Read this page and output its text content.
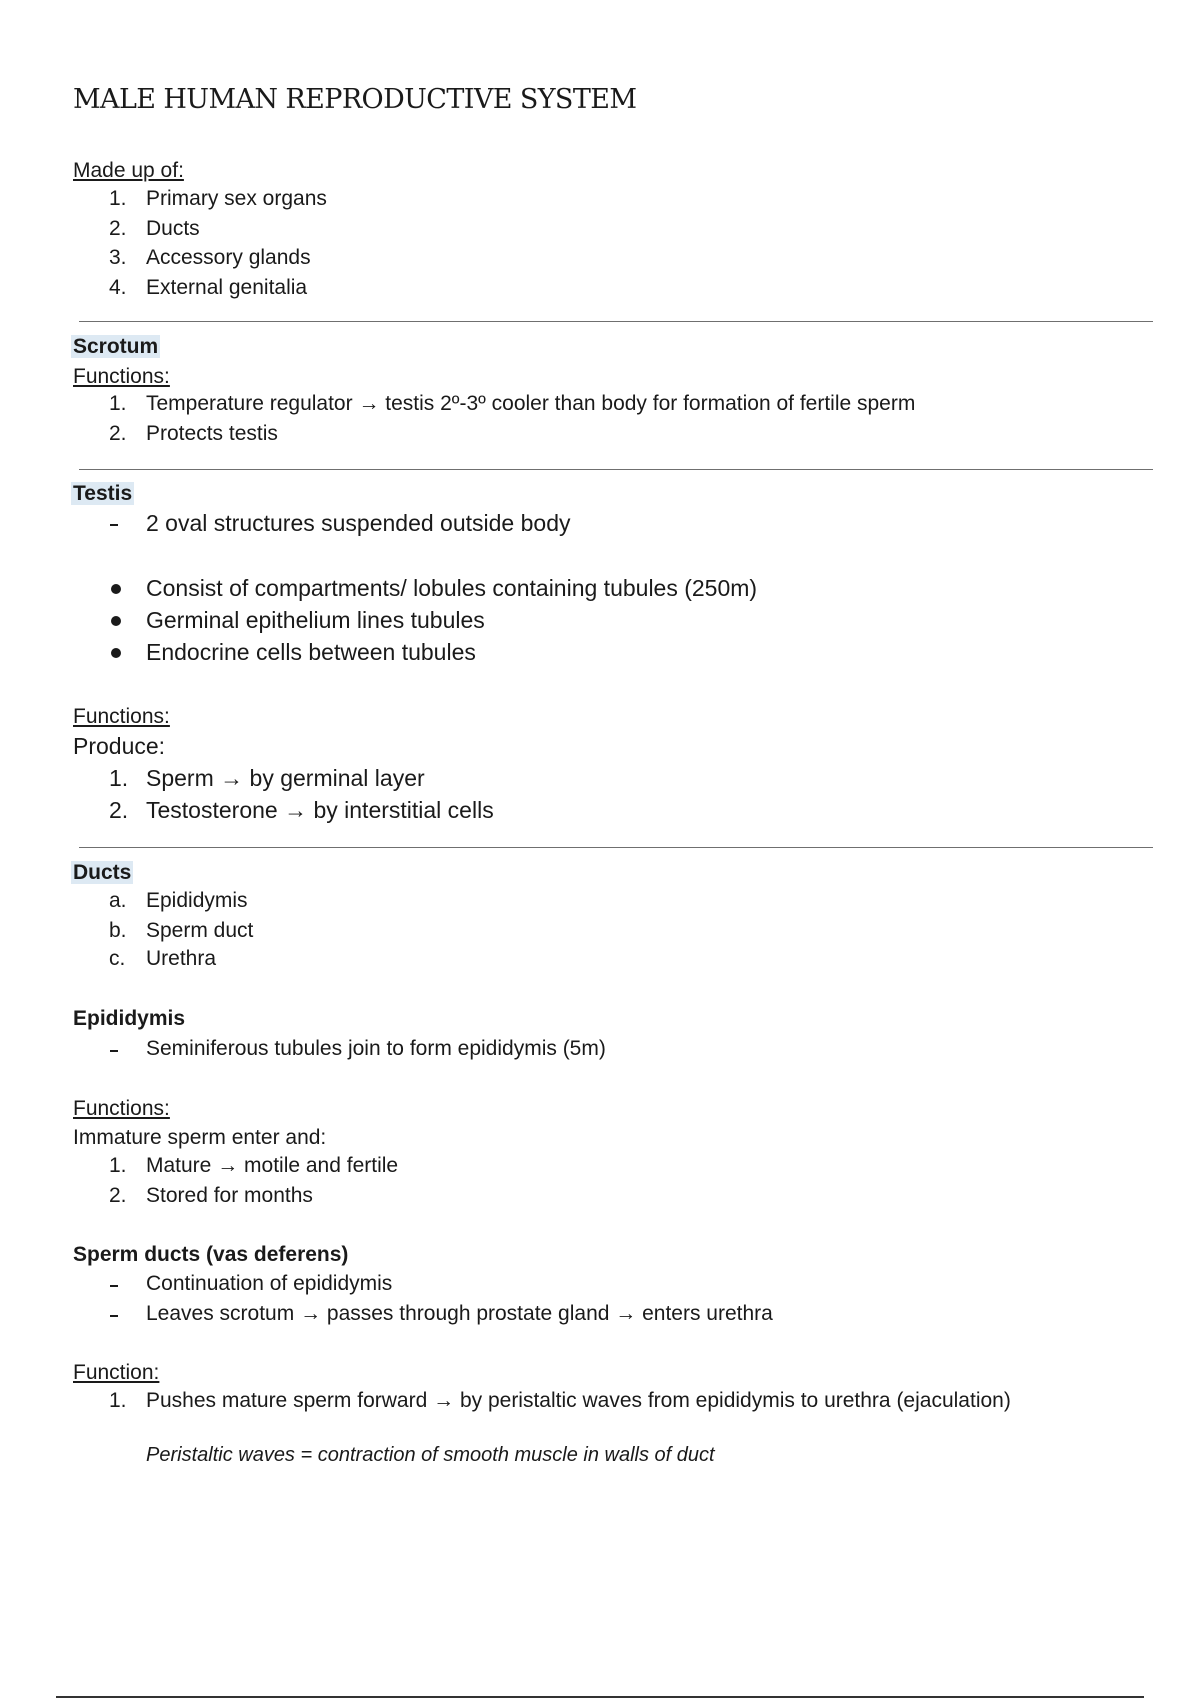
MALE HUMAN REPRODUCTIVE SYSTEM
Made up of:
1. Primary sex organs
2. Ducts
3. Accessory glands
4. External genitalia
Scrotum
Functions:
1. Temperature regulator → testis 2º-3º cooler than body for formation of fertile sperm
2. Protects testis
Testis
2 oval structures suspended outside body
Consist of compartments/ lobules containing tubules (250m)
Germinal epithelium lines tubules
Endocrine cells between tubules
Functions:
Produce:
1. Sperm → by germinal layer
2. Testosterone → by interstitial cells
Ducts
a. Epididymis
b. Sperm duct
c. Urethra
Epididymis
Seminiferous tubules join to form epididymis (5m)
Functions:
Immature sperm enter and:
1. Mature → motile and fertile
2. Stored for months
Sperm ducts (vas deferens)
Continuation of epididymis
Leaves scrotum → passes through prostate gland → enters urethra
Function:
1. Pushes mature sperm forward → by peristaltic waves from epididymis to urethra (ejaculation)
Peristaltic waves = contraction of smooth muscle in walls of duct
